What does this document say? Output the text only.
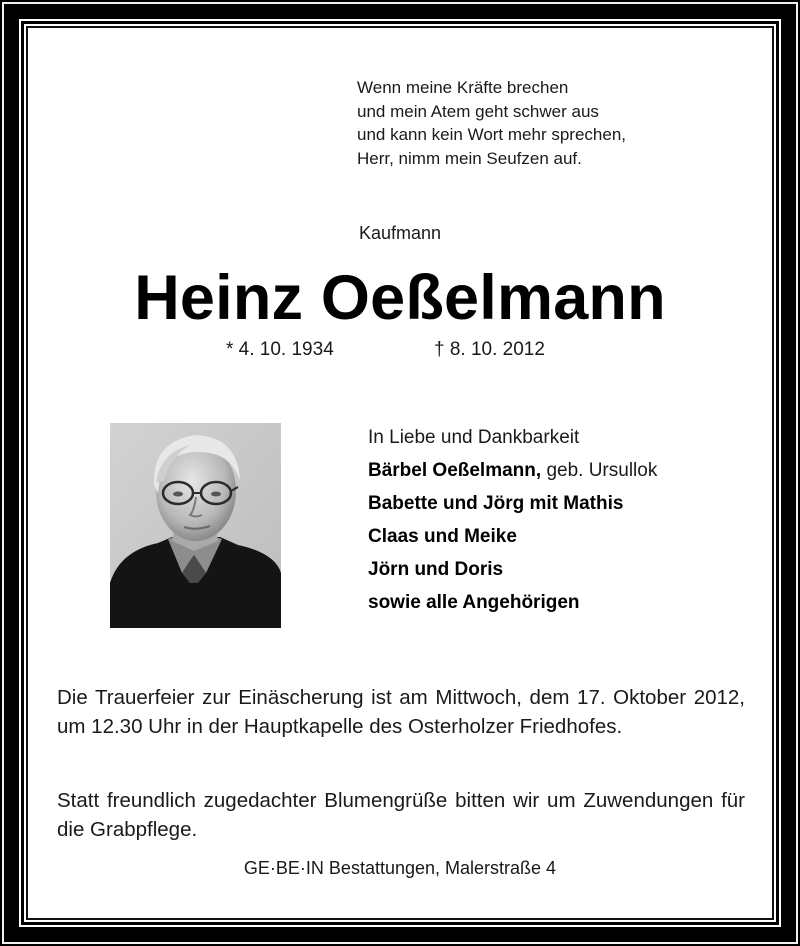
Wenn meine Kräfte brechen
und mein Atem geht schwer aus
und kann kein Wort mehr sprechen,
Herr, nimm mein Seufzen auf.
Kaufmann
Heinz Oeßelmann
* 4. 10. 1934	† 8. 10. 2012
In Liebe und Dankbarkeit
Bärbel Oeßelmann, geb. Ursullok
Babette und Jörg mit Mathis
Claas und Meike
Jörn und Doris
sowie alle Angehörigen
Die Trauerfeier zur Einäscherung ist am Mittwoch, dem 17. Oktober 2012, um 12.30 Uhr in der Hauptkapelle des Osterholzer Friedhofes.
Statt freundlich zugedachter Blumengrüße bitten wir um Zuwendungen für die Grabpflege.
GE·BE·IN Bestattungen, Malerstraße 4
